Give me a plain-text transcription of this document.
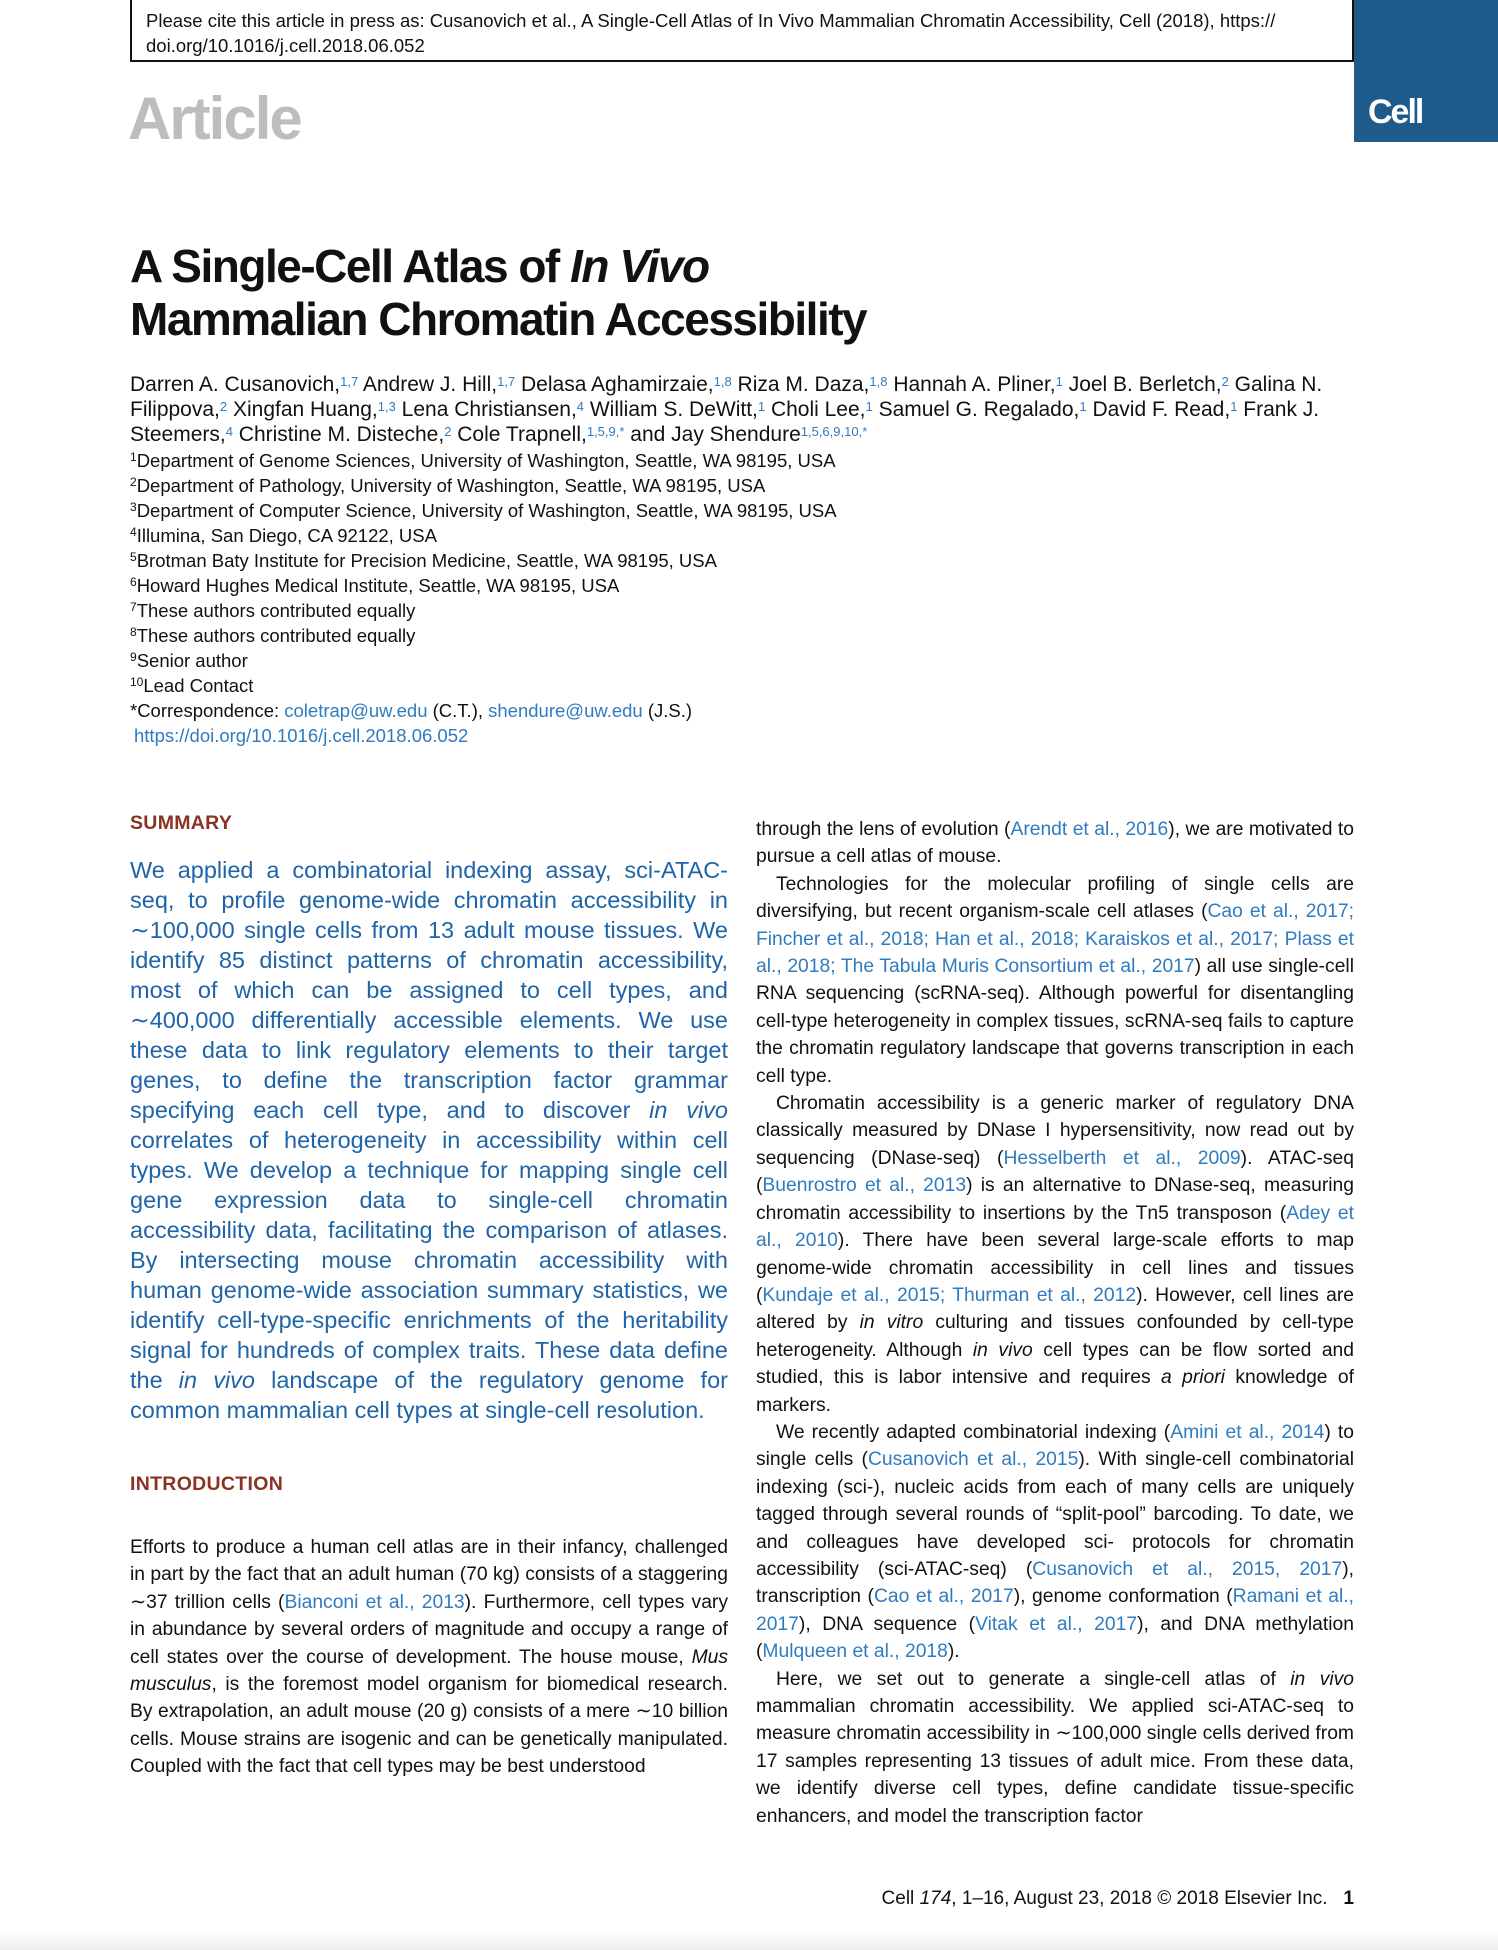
Please cite this article in press as: Cusanovich et al., A Single-Cell Atlas of In Vivo Mammalian Chromatin Accessibility, Cell (2018), https://
doi.org/10.1016/j.cell.2018.06.052
Cell
Article
A Single-Cell Atlas of In Vivo
Mammalian Chromatin Accessibility

Darren A. Cusanovich,$^{1,7}$ Andrew J. Hill,$^{1,7}$ Delasa Aghamirzaie,$^{1,8}$ Riza M. Daza,$^{1,8}$ Hannah A. Pliner,$^1$ Joel B. Berletch,$^2$ Galina N. Filippova,$^2$ Xingfan Huang,$^{1,3}$ Lena Christiansen,$^4$ William S. DeWitt,$^1$ Choli Lee,$^1$ Samuel G. Regalado,$^1$ David F. Read,$^1$ Frank J. Steemers,$^4$ Christine M. Disteche,$^2$ Cole Trapnell,$^{1,5,9,*}$ and Jay Shendure$^{1,5,6,9,10,*}$

$^1$Department of Genome Sciences, University of Washington, Seattle, WA 98195, USA
$^2$Department of Pathology, University of Washington, Seattle, WA 98195, USA
$^3$Department of Computer Science, University of Washington, Seattle, WA 98195, USA
$^4$Illumina, San Diego, CA 92122, USA
$^5$Brotman Baty Institute for Precision Medicine, Seattle, WA 98195, USA
$^6$Howard Hughes Medical Institute, Seattle, WA 98195, USA
$^7$These authors contributed equally
$^8$These authors contributed equally
$^9$Senior author
$^{10}$Lead Contact
*Correspondence: coletrap@uw.edu (C.T.), shendure@uw.edu (J.S.)
https://doi.org/10.1016/j.cell.2018.06.052
SUMMARY

We applied a combinatorial indexing assay, sci-ATAC-seq, to profile genome-wide chromatin accessibility in ∼100,000 single cells from 13 adult mouse tissues. We identify 85 distinct patterns of chromatin accessibility, most of which can be assigned to cell types, and ∼400,000 differentially accessible elements. We use these data to link regulatory elements to their target genes, to define the transcription factor grammar specifying each cell type, and to discover in vivo correlates of heterogeneity in accessibility within cell types. We develop a technique for mapping single cell gene expression data to single-cell chromatin accessibility data, facilitating the comparison of atlases. By intersecting mouse chromatin accessibility with human genome-wide association summary statistics, we identify cell-type-specific enrichments of the heritability signal for hundreds of complex traits. These data define the in vivo landscape of the regulatory genome for common mammalian cell types at single-cell resolution.

INTRODUCTION

Efforts to produce a human cell atlas are in their infancy, challenged in part by the fact that an adult human (70 kg) consists of a staggering ∼37 trillion cells (Bianconi et al., 2013). Furthermore, cell types vary in abundance by several orders of magnitude and occupy a range of cell states over the course of development. The house mouse, Mus musculus, is the foremost model organism for biomedical research. By extrapolation, an adult mouse (20 g) consists of a mere ∼10 billion cells. Mouse strains are isogenic and can be genetically manipulated. Coupled with the fact that cell types may be best understood

through the lens of evolution (Arendt et al., 2016), we are motivated to pursue a cell atlas of mouse.

Technologies for the molecular profiling of single cells are diversifying, but recent organism-scale cell atlases (Cao et al., 2017; Fincher et al., 2018; Han et al., 2018; Karaiskos et al., 2017; Plass et al., 2018; The Tabula Muris Consortium et al., 2017) all use single-cell RNA sequencing (scRNA-seq). Although powerful for disentangling cell-type heterogeneity in complex tissues, scRNA-seq fails to capture the chromatin regulatory landscape that governs transcription in each cell type.

Chromatin accessibility is a generic marker of regulatory DNA classically measured by DNase I hypersensitivity, now read out by sequencing (DNase-seq) (Hesselberth et al., 2009). ATAC-seq (Buenrostro et al., 2013) is an alternative to DNase-seq, measuring chromatin accessibility to insertions by the Tn5 transposon (Adey et al., 2010). There have been several large-scale efforts to map genome-wide chromatin accessibility in cell lines and tissues (Kundaje et al., 2015; Thurman et al., 2012). However, cell lines are altered by in vitro culturing and tissues confounded by cell-type heterogeneity. Although in vivo cell types can be flow sorted and studied, this is labor intensive and requires a priori knowledge of markers.

We recently adapted combinatorial indexing (Amini et al., 2014) to single cells (Cusanovich et al., 2015). With single-cell combinatorial indexing (sci-), nucleic acids from each of many cells are uniquely tagged through several rounds of “split-pool” barcoding. To date, we and colleagues have developed sci- protocols for chromatin accessibility (sci-ATAC-seq) (Cusanovich et al., 2015, 2017), transcription (Cao et al., 2017), genome conformation (Ramani et al., 2017), DNA sequence (Vitak et al., 2017), and DNA methylation (Mulqueen et al., 2018).

Here, we set out to generate a single-cell atlas of in vivo mammalian chromatin accessibility. We applied sci-ATAC-seq to measure chromatin accessibility in ∼100,000 single cells derived from 17 samples representing 13 tissues of adult mice. From these data, we identify diverse cell types, define candidate tissue-specific enhancers, and model the transcription factor

Cell 174, 1–16, August 23, 2018 © 2018 Elsevier Inc. 1
